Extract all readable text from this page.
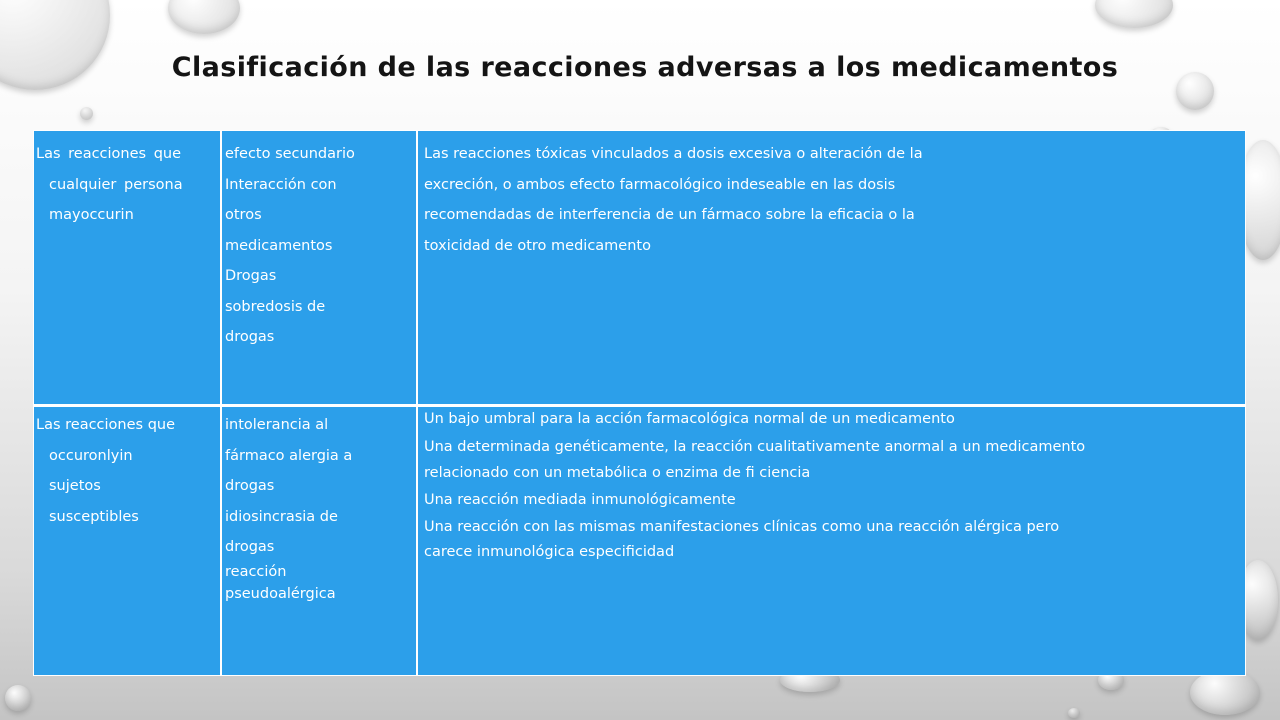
Clasificación de las reacciones adversas a los medicamentos
Las reacciones que
cualquier persona
mayoccurin
efecto secundario
Interacción con
otros
medicamentos
Drogas
sobredosis de
drogas
Las reacciones tóxicas vinculados a dosis excesiva o alteración de la
excreción, o ambos efecto farmacológico indeseable en las dosis
recomendadas de interferencia de un fármaco sobre la eficacia o la
toxicidad de otro medicamento
Las reacciones que
occuronlyin
sujetos
susceptibles
intolerancia al
fármaco alergia a
drogas
idiosincrasia de
drogas
reacción
pseudoalérgica
Un bajo umbral para la acción farmacológica normal de un medicamento
Una determinada genéticamente, la reacción cualitativamente anormal a un medicamento
relacionado con un metabólica o enzima de fi ciencia
Una reacción mediada inmunológicamente
Una reacción con las mismas manifestaciones clínicas como una reacción alérgica pero
carece inmunológica especificidad
